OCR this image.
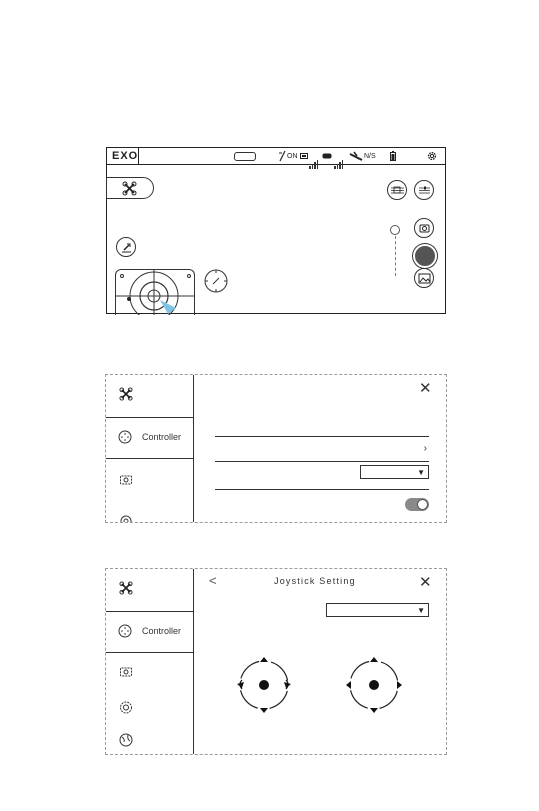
EXO	ON	N/S
Controller
✕
›
▼
Controller
<	Joystick Setting	✕
▼
